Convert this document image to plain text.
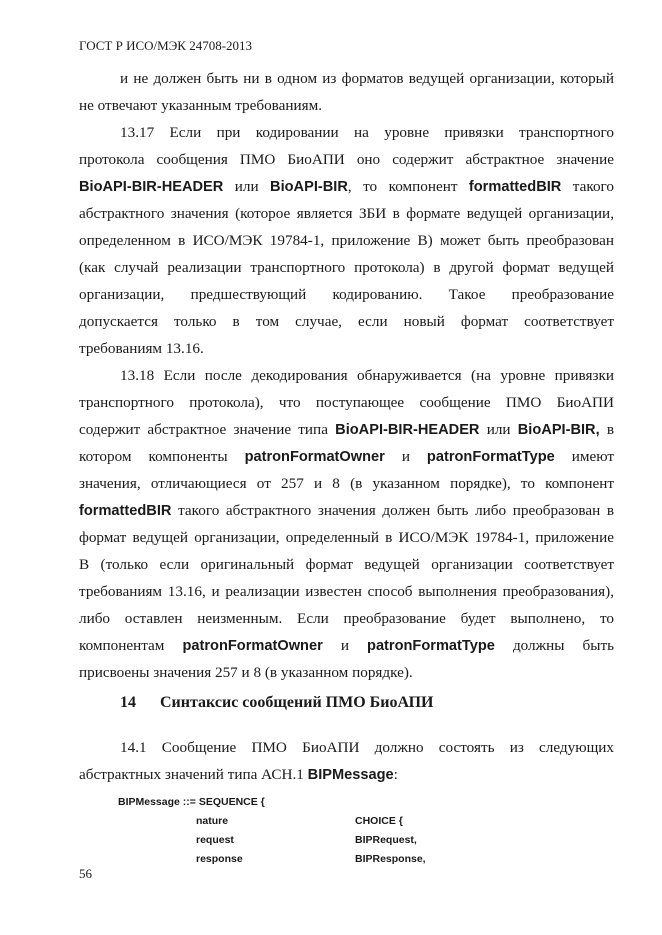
ГОСТ Р ИСО/МЭК 24708-2013
и не должен быть ни в одном из форматов ведущей организации, который
не отвечают указанным требованиям.
13.17 Если при кодировании на уровне привязки транспортного
протокола сообщения ПМО БиоАПИ оно содержит абстрактное значение
BioAPI-BIR-HEADER или BioAPI-BIR, то компонент formattedBIR такого
абстрактного значения (которое является ЗБИ в формате ведущей организации,
определенном в ИСО/МЭК 19784-1, приложение В) может быть преобразован
(как случай реализации транспортного протокола) в другой формат ведущей
организации, предшествующий кодированию. Такое преобразование
допускается только в том случае, если новый формат соответствует
требованиям 13.16.
13.18 Если после декодирования обнаруживается (на уровне привязки
транспортного протокола), что поступающее сообщение ПМО БиоАПИ
содержит абстрактное значение типа BioAPI-BIR-HEADER или BioAPI-BIR, в
котором компоненты patronFormatOwner и patronFormatType имеют
значения, отличающиеся от 257 и 8 (в указанном порядке), то компонент
formattedBIR такого абстрактного значения должен быть либо преобразован в
формат ведущей организации, определенный в ИСО/МЭК 19784-1, приложение
В (только если оригинальный формат ведущей организации соответствует
требованиям 13.16, и реализации известен способ выполнения преобразования),
либо оставлен неизменным. Если преобразование будет выполнено, то
компонентам patronFormatOwner и patronFormatType должны быть
присвоены значения 257 и 8 (в указанном порядке).
14.1 Сообщение ПМО БиоАПИ должно состоять из следующих
абстрактных значений типа АСН.1 BIPMessage:
14 Синтаксис сообщений ПМО БиоАПИ
BIPMessage ::= SEQUENCE {
nature	CHOICE {
request	BIPRequest,
response	BIPResponse,
56
